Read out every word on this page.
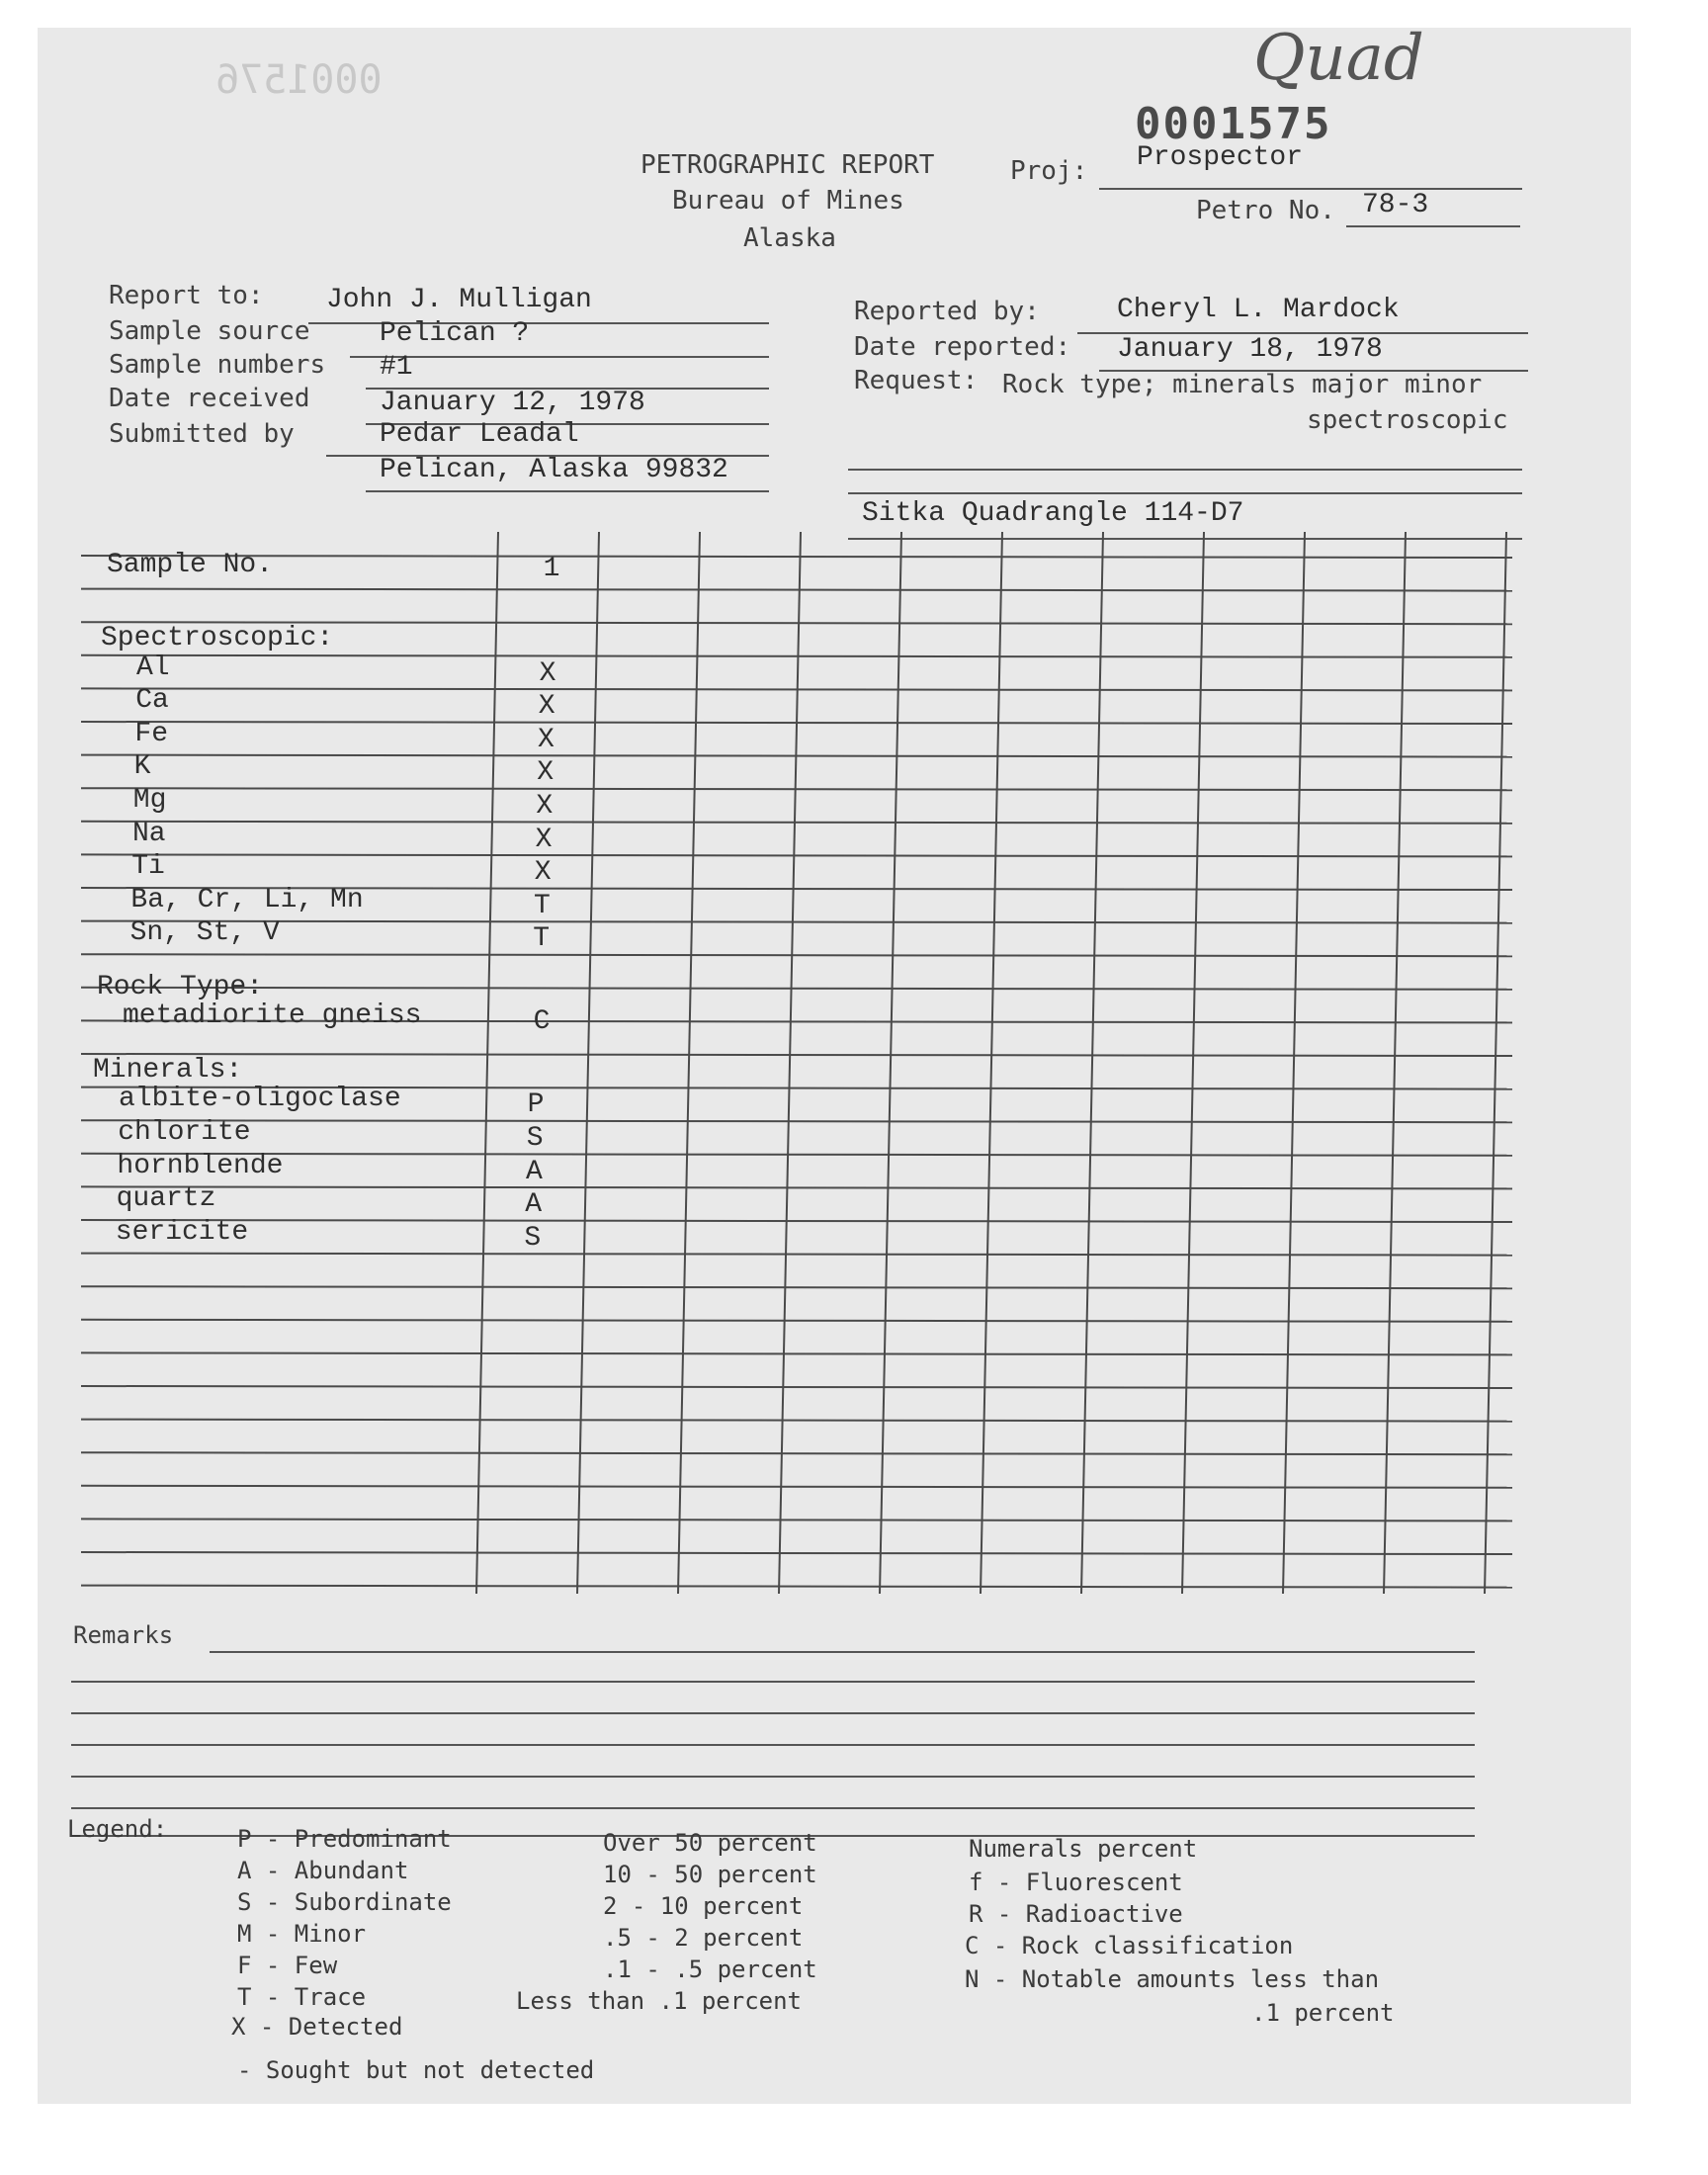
0001576	Quad
0001575
PETROGRAPHIC REPORT
Bureau of Mines
Alaska
Proj: Prospector
Petro No. 78-3
Report to: John J. Mulligan
Sample source	Pelican ?
Sample numbers #1
Date received	January 12, 1978
Submitted by	Pedar Leadal
Pelican, Alaska 99832
Reported by:	Cheryl L. Mardock
Date reported: January 18, 1978
Request: Rock type; minerals major minor
spectroscopic
Sitka Quadrangle 114-D7
Sample No.	1
Spectroscopic:
Al	X
Ca	X
Fe	X
K	X
Mg	X
Na	X
Ti	X
Ba, Cr, Li, Mn	T
Sn, St, V	T
Rock Type:
metadiorite gneiss	C
Minerals:
albite-oligoclase	P
chlorite	S
hornblende	A
quartz	A
sericite	S
Remarks
Legend:	P - Predominant
A - Abundant
S - Subordinate
M - Minor
F - Few
T - Trace
X - Detected
- Sought but not detected
Over 50 percent
10 - 50 percent
2 - 10 percent
.5 - 2 percent
.1 - .5 percent
Less than .1 percent
Numerals percent
f - Fluorescent
R - Radioactive
C - Rock classification
N - Notable amounts less than
.1 percent
